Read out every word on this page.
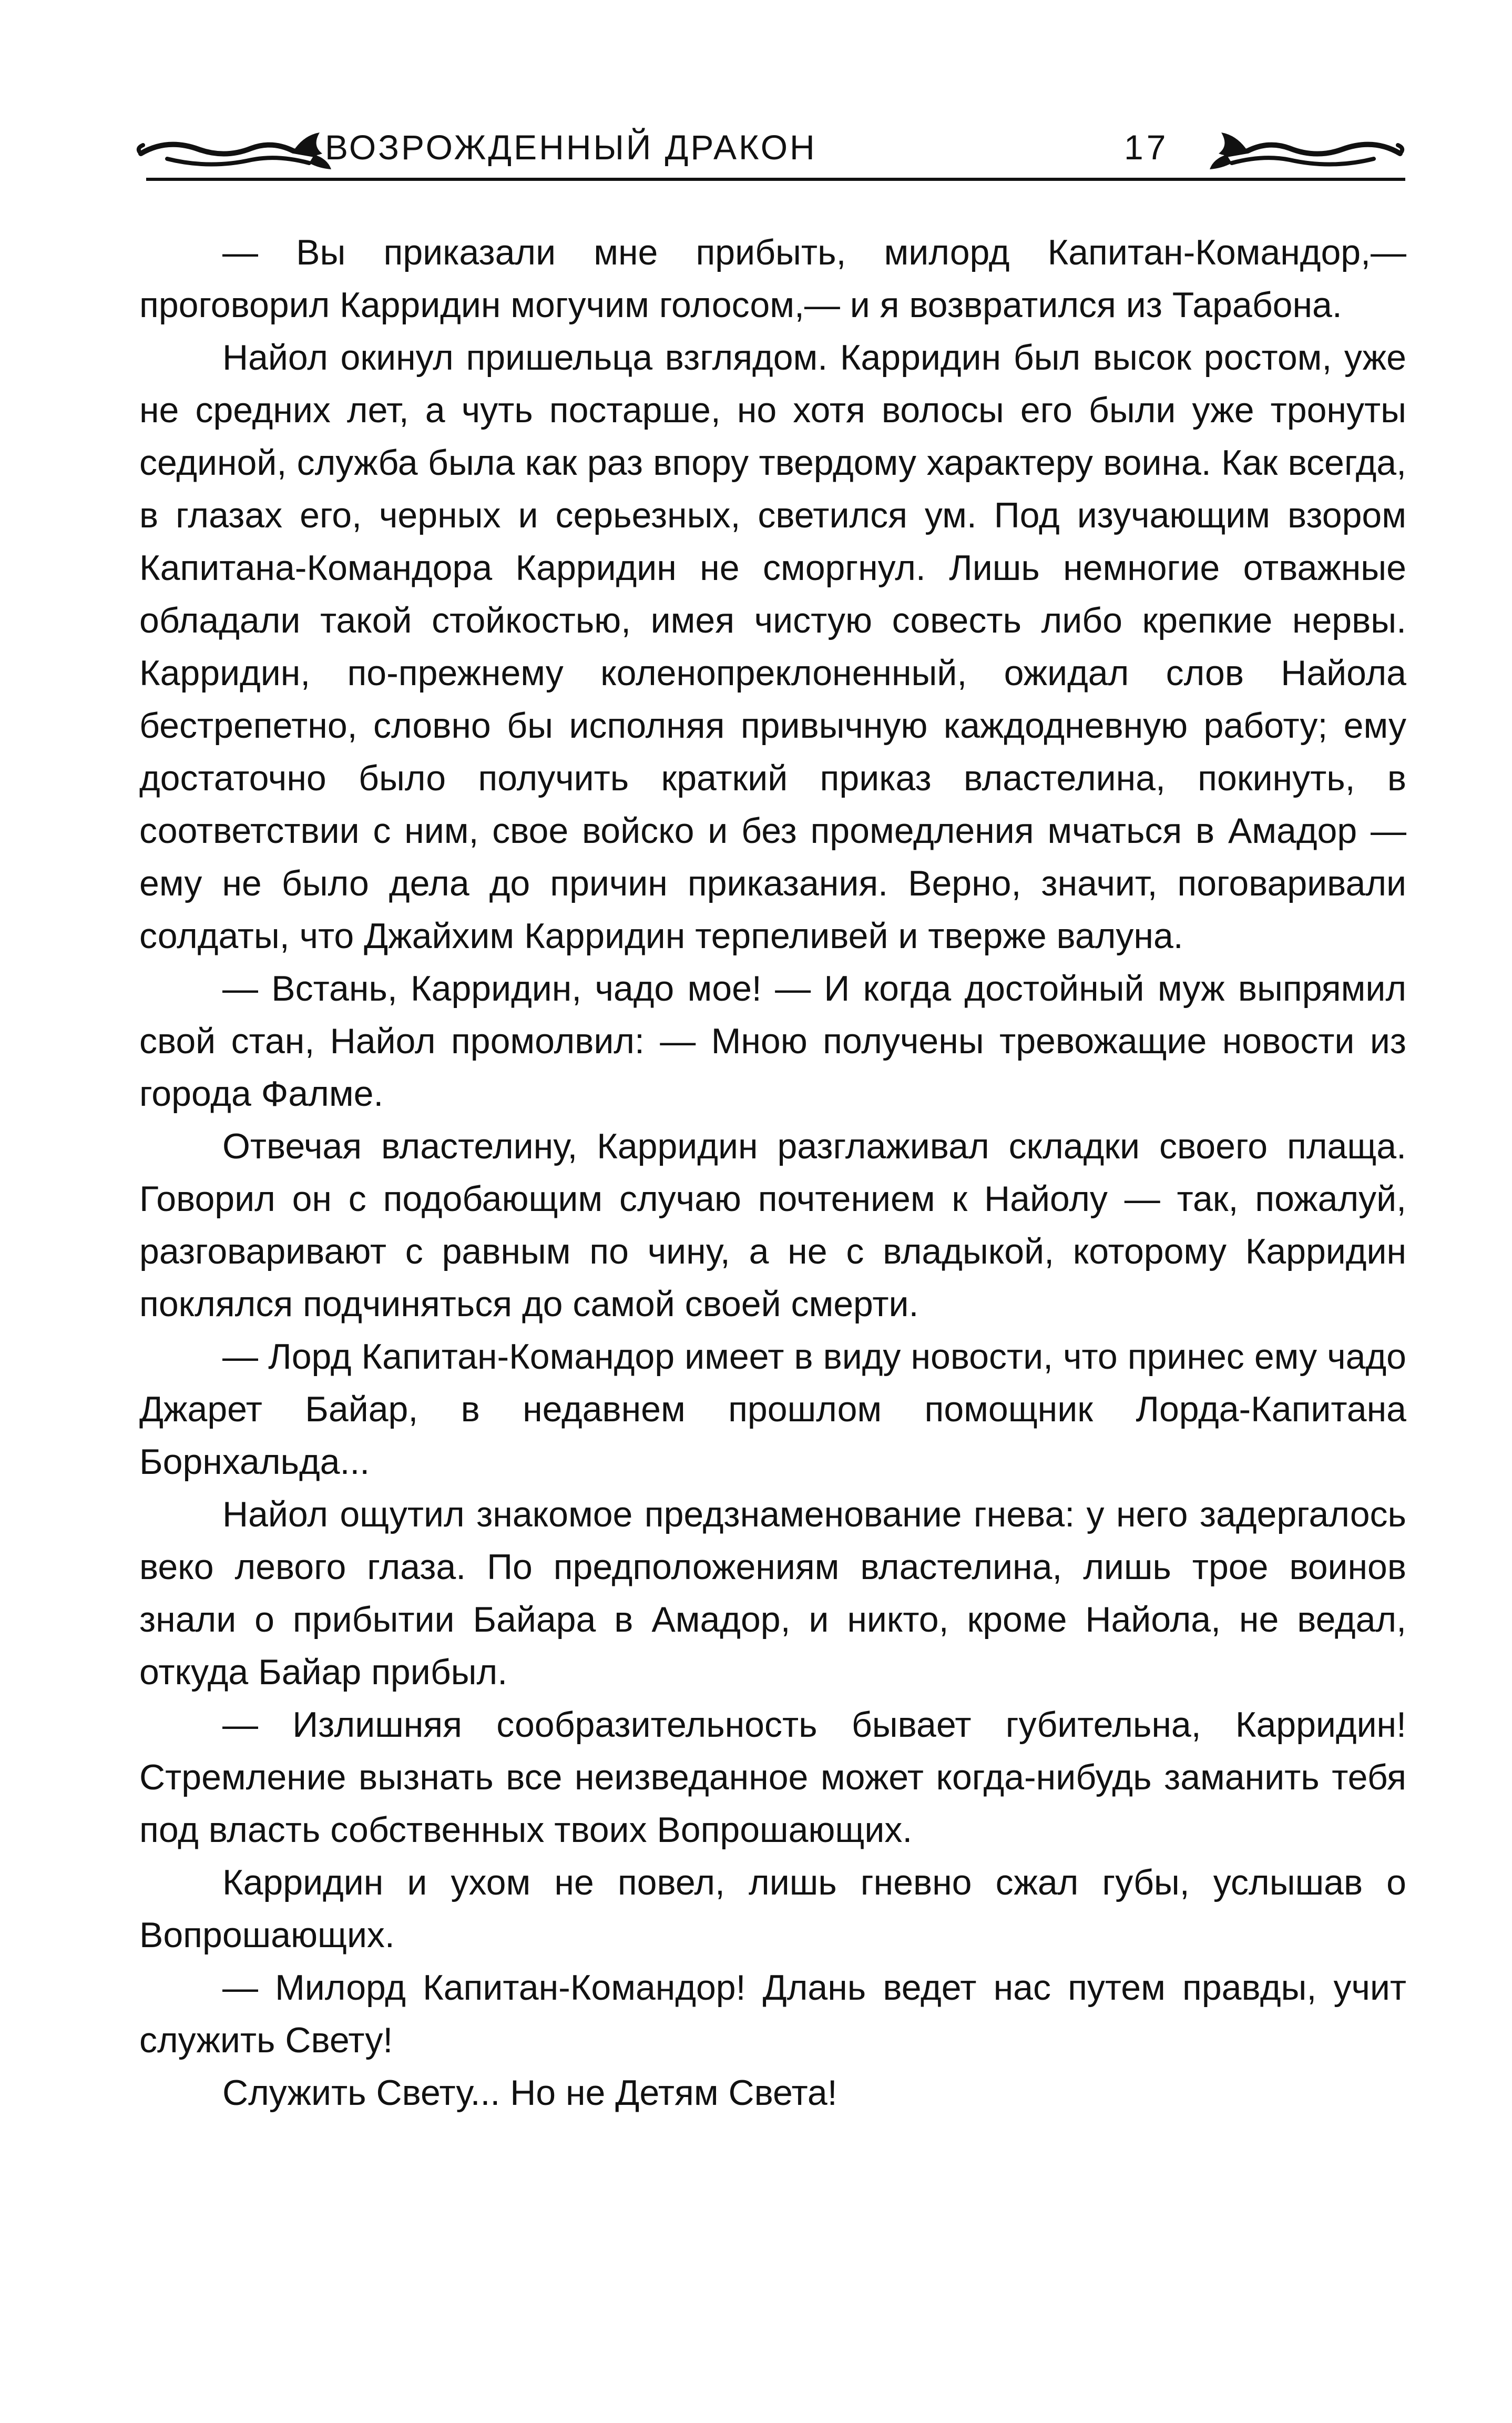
ВОЗРОЖДЕННЫЙ ДРАКОН	17

— Вы приказали мне прибыть, милорд Капитан-Командор,— проговорил Карридин могучим голосом,— и я возвратился из Тарабона.

Найол окинул пришельца взглядом. Карридин был высок ростом, уже не средних лет, а чуть постарше, но хотя волосы его были уже тронуты сединой, служба была как раз впору твердому характеру воина. Как всегда, в глазах его, черных и серьезных, светился ум. Под изучающим взором Капитана-Командора Карридин не сморгнул. Лишь немногие отважные обладали такой стойкостью, имея чистую совесть либо крепкие нервы. Карридин, по-прежнему коленопреклоненный, ожидал слов Найола бестрепетно, словно бы исполняя привычную каждодневную работу; ему достаточно было получить краткий приказ властелина, покинуть, в соответствии с ним, свое войско и без промедления мчаться в Амадор — ему не было дела до причин приказания. Верно, значит, поговаривали солдаты, что Джайхим Карридин терпеливей и тверже валуна.

— Встань, Карридин, чадо мое! — И когда достойный муж выпрямил свой стан, Найол промолвил: — Мною получены тревожащие новости из города Фалме.

Отвечая властелину, Карридин разглаживал складки своего плаща. Говорил он с подобающим случаю почтением к Найолу — так, пожалуй, разговаривают с равным по чину, а не с владыкой, которому Карридин поклялся подчиняться до самой своей смерти.

— Лорд Капитан-Командор имеет в виду новости, что принес ему чадо Джарет Байар, в недавнем прошлом помощник Лорда-Капитана Борнхальда...

Найол ощутил знакомое предзнаменование гнева: у него задергалось веко левого глаза. По предположениям властелина, лишь трое воинов знали о прибытии Байара в Амадор, и никто, кроме Найола, не ведал, откуда Байар прибыл.

— Излишняя сообразительность бывает губительна, Карридин! Стремление вызнать все неизведанное может когда-нибудь заманить тебя под власть собственных твоих Вопрошающих.

Карридин и ухом не повел, лишь гневно сжал губы, услышав о Вопрошающих.

— Милорд Капитан-Командор! Длань ведет нас путем правды, учит служить Свету!

Служить Свету... Но не Детям Света!
